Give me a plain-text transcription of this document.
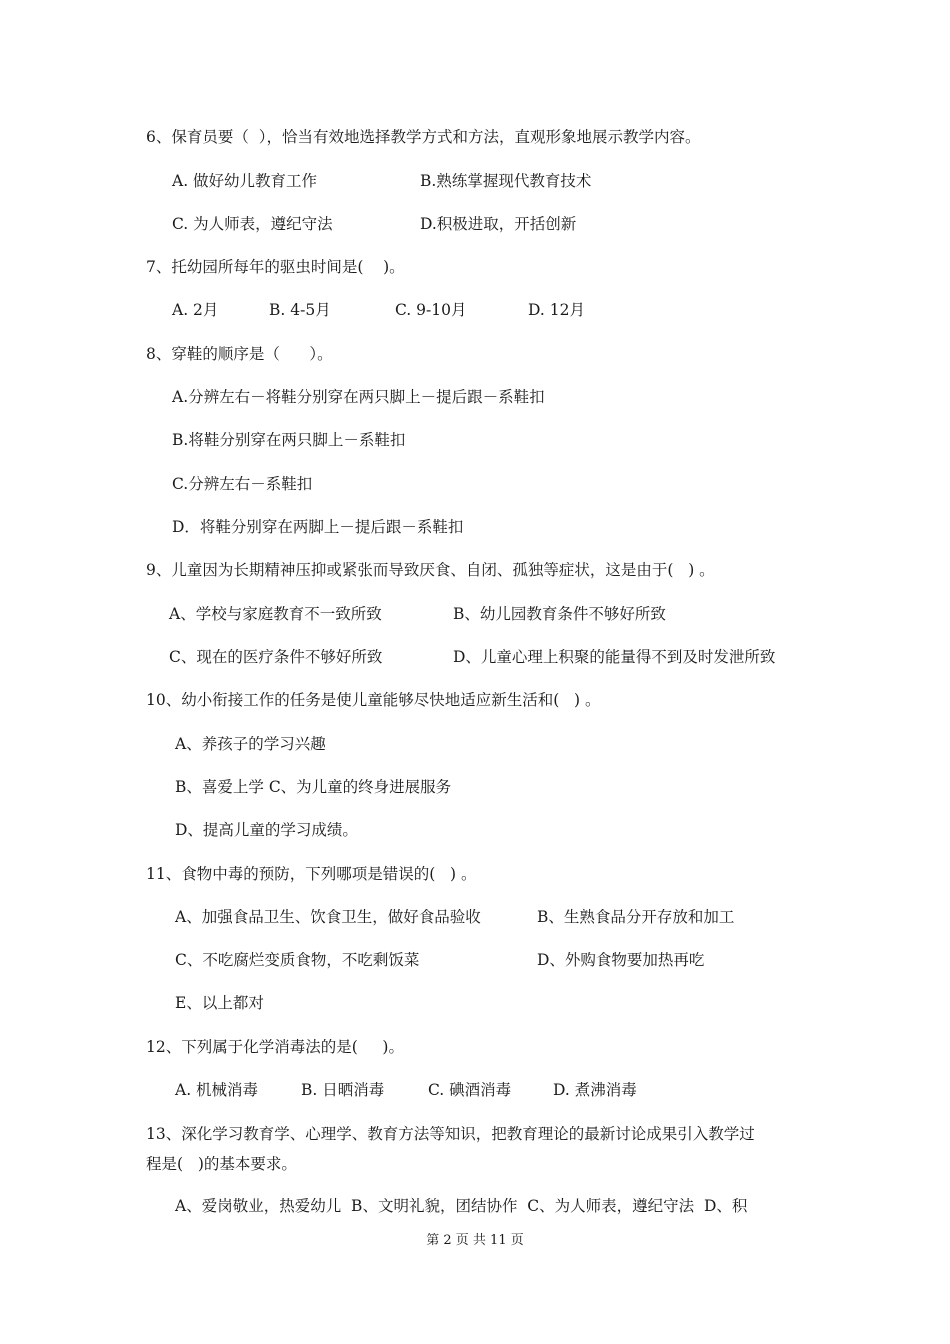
6、保育员要（  ），恰当有效地选择教学方式和方法，直观形象地展示教学内容。
A. 做好幼儿教育工作	B.熟练掌握现代教育技术
C. 为人师表，遵纪守法	D.积极进取，开括创新
7、托幼园所每年的驱虫时间是(    )。
A. 2月	B. 4-5月	C. 9-10月	D. 12月
8、穿鞋的顺序是（      ）。
A.分辨左右－将鞋分别穿在两只脚上－提后跟－系鞋扣
B.将鞋分别穿在两只脚上－系鞋扣
C.分辨左右－系鞋扣
D．将鞋分别穿在两脚上－提后跟－系鞋扣
9、儿童因为长期精神压抑或紧张而导致厌食、自闭、孤独等症状，这是由于(   ) 。
A、学校与家庭教育不一致所致	B、幼儿园教育条件不够好所致
C、现在的医疗条件不够好所致	D、儿童心理上积聚的能量得不到及时发泄所致
10、幼小衔接工作的任务是使儿童能够尽快地适应新生活和(   ) 。
A、养孩子的学习兴趣
B、喜爱上学 C、为儿童的终身进展服务
D、提高儿童的学习成绩。
11、食物中毒的预防，下列哪项是错误的(   ) 。
A、加强食品卫生、饮食卫生，做好食品验收	B、生熟食品分开存放和加工
C、不吃腐烂变质食物，不吃剩饭菜	D、外购食物要加热再吃
E、以上都对
12、下列属于化学消毒法的是(     )。
A. 机械消毒	B. 日晒消毒	C. 碘酒消毒	D. 煮沸消毒
13、深化学习教育学、心理学、教育方法等知识，把教育理论的最新讨论成果引入教学过
程是(   )的基本要求。
A、爱岗敬业，热爱幼儿  B、文明礼貌，团结协作  C、为人师表，遵纪守法  D、积
第 2 页 共 11 页
